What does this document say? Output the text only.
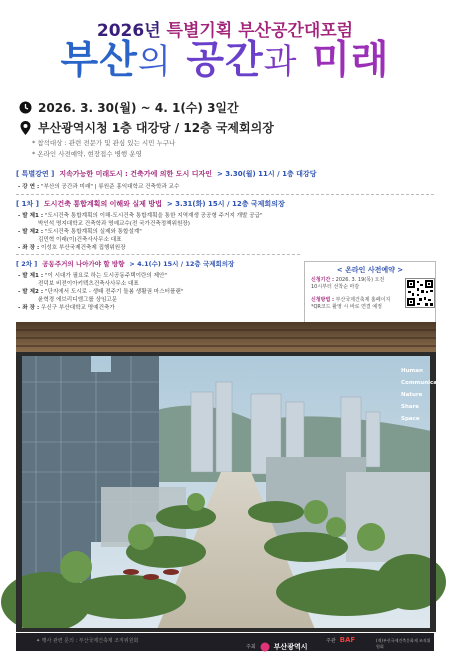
2026년 특별기획 부산공간대포럼
부산의 공간과 미래
2026. 3. 30(월) ~ 4. 1(수) 3일간
부산광역시청 1층 대강당 / 12층 국제회의장
* 참석대상 : 관련 전문가 및 관심 있는 시민 누구나
* 온라인 사전예약, 현장접수 병행 운영
[ 특별강연 ] 지속가능한 미래도시 : 건축가에 의한 도시 디자인 > 3.30(월) 11시 / 1층 대강당
- 강 연 : "부산의 공간과 미래" | 류원준 홍익대학교 건축학과 교수
[ 1차 ] 도시건축 통합계획의 이해와 실제 방법 > 3.31(화) 15시 / 12층 국제회의장
- 발 제1 : "도시건축 통합계획의 이해-도시건축 통합계획을 통한 지역재생 공공형 주거지 개발 공급"
박인석 명지대학교 건축학과 명예교수(전 국가건축정책위원장)
- 발 제2 : "도시건축 통합계획의 실제와 통합설계"
김민혁 이래(이)건축사사무소 대표
- 좌 장 : 이성호 부산국제건축제 집행위원장
[ 2차 ] 공동주거의 나아가야 할 방향 > 4.1(수) 15시 / 12층 국제회의장
- 발 제1 : "이 시대가 필요로 하는 도시공동주택이란의 제안"
전덕보 비전이아키텍츠건축사사무소 대표
- 발 제2 : "단지에서 도시로 - 생태 전주기 돌봄 생활권 마스터플랜"
윤혁경 에브리디엠그룹 상임고문
- 좌 장 : 우신구 부산대학교 명예건축가
< 온라인 사전예약 >
신청기간 : 2026. 3. 19(목) 오전 10시부터 선착순 마감
신청방법 : 부산국제건축제 홈페이지 *QR코드 촬영 시 바로 연결 예정
Human
Communication
Nature
Share
Space
✦ 행사 관련 문의 : 부산국제건축제 조직위원회
주최	부산광역시
주관 BAF	(재)부산국제건축문화제 조직위원회
